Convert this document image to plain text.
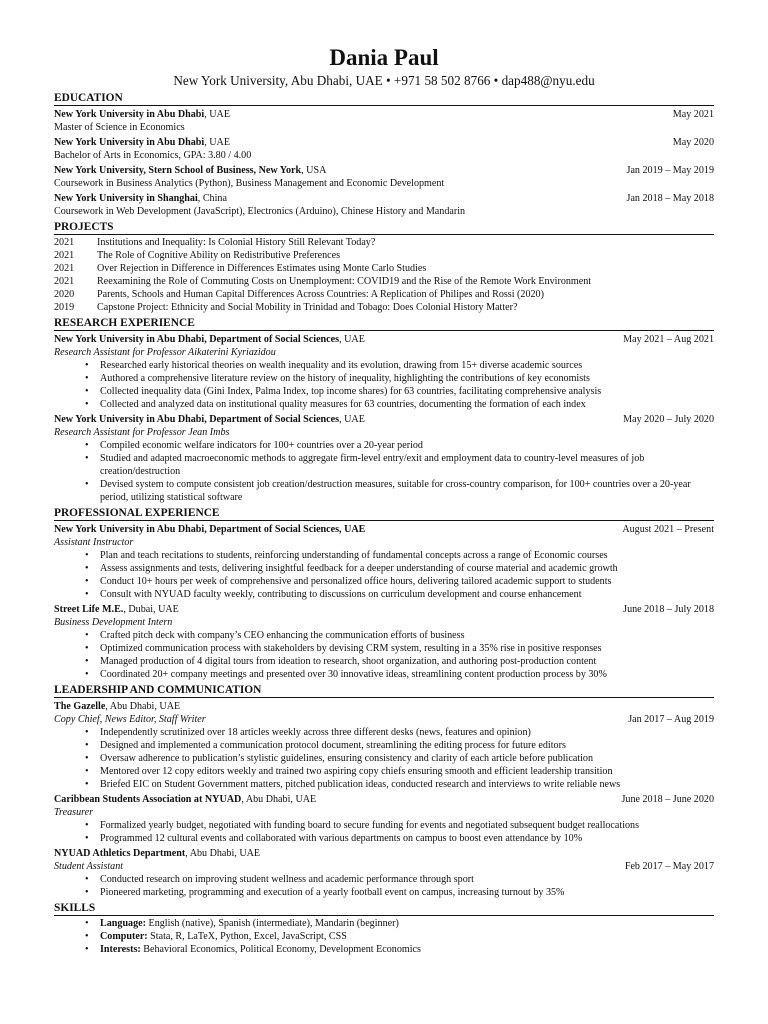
Dania Paul
New York University, Abu Dhabi, UAE • +971 58 502 8766 • dap488@nyu.edu
EDUCATION
New York University in Abu Dhabi, UAE	May 2021
Master of Science in Economics
New York University in Abu Dhabi, UAE	May 2020
Bachelor of Arts in Economics, GPA: 3.80 / 4.00
New York University, Stern School of Business, New York, USA	Jan 2019 – May 2019
Coursework in Business Analytics (Python), Business Management and Economic Development
New York University in Shanghai, China	Jan 2018 – May 2018
Coursework in Web Development (JavaScript), Electronics (Arduino), Chinese History and Mandarin
PROJECTS
2021	Institutions and Inequality: Is Colonial History Still Relevant Today?
2021	The Role of Cognitive Ability on Redistributive Preferences
2021	Over Rejection in Difference in Differences Estimates using Monte Carlo Studies
2021	Reexamining the Role of Commuting Costs on Unemployment: COVID19 and the Rise of the Remote Work Environment
2020	Parents, Schools and Human Capital Differences Across Countries: A Replication of Philipes and Rossi (2020)
2019	Capstone Project: Ethnicity and Social Mobility in Trinidad and Tobago: Does Colonial History Matter?
RESEARCH EXPERIENCE
New York University in Abu Dhabi, Department of Social Sciences, UAE	May 2021 – Aug 2021
Research Assistant for Professor Aikaterini Kyriazidou
• Researched early historical theories on wealth inequality and its evolution, drawing from 15+ diverse academic sources
• Authored a comprehensive literature review on the history of inequality, highlighting the contributions of key economists
• Collected inequality data (Gini Index, Palma Index, top income shares) for 63 countries, facilitating comprehensive analysis
• Collected and analyzed data on institutional quality measures for 63 countries, documenting the formation of each index
New York University in Abu Dhabi, Department of Social Sciences, UAE	May 2020 – July 2020
Research Assistant for Professor Jean Imbs
• Compiled economic welfare indicators for 100+ countries over a 20-year period
• Studied and adapted macroeconomic methods to aggregate firm-level entry/exit and employment data to country-level measures of job creation/destruction
• Devised system to compute consistent job creation/destruction measures, suitable for cross-country comparison, for 100+ countries over a 20-year period, utilizing statistical software
PROFESSIONAL EXPERIENCE
New York University in Abu Dhabi, Department of Social Sciences, UAE	August 2021 – Present
Assistant Instructor
• Plan and teach recitations to students, reinforcing understanding of fundamental concepts across a range of Economic courses
• Assess assignments and tests, delivering insightful feedback for a deeper understanding of course material and academic growth
• Conduct 10+ hours per week of comprehensive and personalized office hours, delivering tailored academic support to students
• Consult with NYUAD faculty weekly, contributing to discussions on curriculum development and course enhancement
Street Life M.E., Dubai, UAE	June 2018 – July 2018
Business Development Intern
• Crafted pitch deck with company’s CEO enhancing the communication efforts of business
• Optimized communication process with stakeholders by devising CRM system, resulting in a 35% rise in positive responses
• Managed production of 4 digital tours from ideation to research, shoot organization, and authoring post-production content
• Coordinated 20+ company meetings and presented over 30 innovative ideas, streamlining content production process by 30%
LEADERSHIP AND COMMUNICATION
The Gazelle, Abu Dhabi, UAE
Copy Chief, News Editor, Staff Writer	Jan 2017 – Aug 2019
• Independently scrutinized over 18 articles weekly across three different desks (news, features and opinion)
• Designed and implemented a communication protocol document, streamlining the editing process for future editors
• Oversaw adherence to publication’s stylistic guidelines, ensuring consistency and clarity of each article before publication
• Mentored over 12 copy editors weekly and trained two aspiring copy chiefs ensuring smooth and efficient leadership transition
• Briefed EIC on Student Government matters, pitched publication ideas, conducted research and interviews to write reliable news
Caribbean Students Association at NYUAD, Abu Dhabi, UAE	June 2018 – June 2020
Treasurer
• Formalized yearly budget, negotiated with funding board to secure funding for events and negotiated subsequent budget reallocations
• Programmed 12 cultural events and collaborated with various departments on campus to boost even attendance by 10%
NYUAD Athletics Department, Abu Dhabi, UAE
Student Assistant	Feb 2017 – May 2017
• Conducted research on improving student wellness and academic performance through sport
• Pioneered marketing, programming and execution of a yearly football event on campus, increasing turnout by 35%
SKILLS
• Language: English (native), Spanish (intermediate), Mandarin (beginner)
• Computer: Stata, R, LaTeX, Python, Excel, JavaScript, CSS
• Interests: Behavioral Economics, Political Economy, Development Economics
